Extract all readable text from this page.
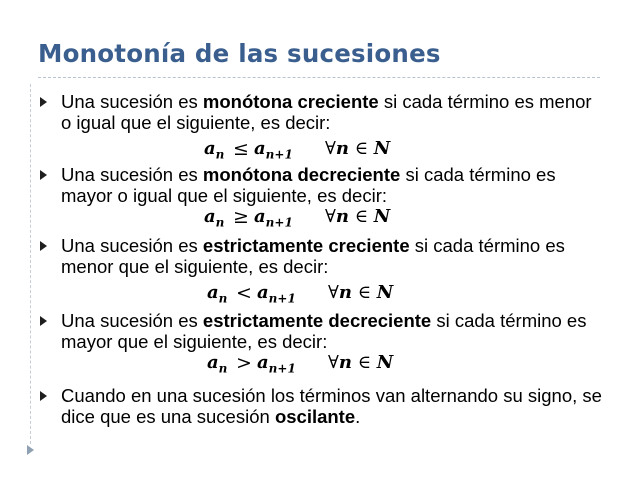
Monotonía de las sucesiones
Una sucesión es monótona creciente si cada término es menor o igual que el siguiente, es decir:
$a_n \le a_{n+1}$ ∀n ∈ N
Una sucesión es monótona decreciente si cada término es mayor o igual que el siguiente, es decir:
$a_n \ge a_{n+1}$ ∀n ∈ N
Una sucesión es estrictamente creciente si cada término es menor que el siguiente, es decir:
$a_n < a_{n+1}$ ∀n ∈ N
Una sucesión es estrictamente decreciente si cada término es mayor que el siguiente, es decir:
$a_n > a_{n+1}$ ∀n ∈ N
Cuando en una sucesión los términos van alternando su signo, se dice que es una sucesión oscilante.
